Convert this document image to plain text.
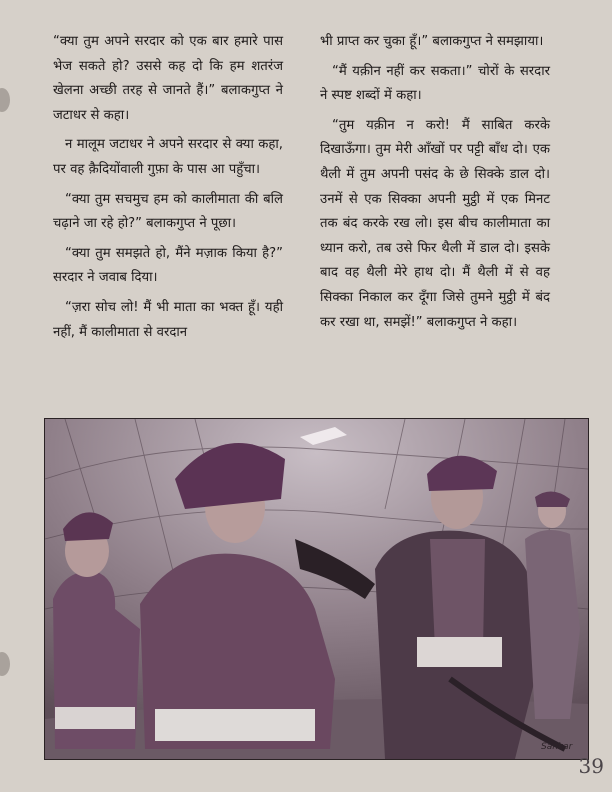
“क्या तुम अपने सरदार को एक बार हमारे पास भेज सकते हो? उससे कह दो कि हम शतरंज खेलना अच्छी तरह से जानते हैं।” बलाकगुप्त ने जटाधर से कहा।

न मालूम जटाधर ने अपने सरदार से क्या कहा, पर वह क़ैदियोंवाली गुफ़ा के पास आ पहुँचा।

“क्या तुम सचमुच हम को कालीमाता की बलि चढ़ाने जा रहे हो?” बलाकगुप्त ने पूछा।

“क्या तुम समझते हो, मैंने मज़ाक किया है?” सरदार ने जवाब दिया।

“ज़रा सोच लो! मैं भी माता का भक्त हूँ। यही नहीं, मैं कालीमाता से वरदान

भी प्राप्त कर चुका हूँ।” बलाकगुप्त ने समझाया।

“मैं यक़ीन नहीं कर सकता।” चोरों के सरदार ने स्पष्ट शब्दों में कहा।

“तुम यक़ीन न करो! मैं साबित करके दिखाऊँगा। तुम मेरी आँखों पर पट्टी बाँध दो। एक थैली में तुम अपनी पसंद के छे सिक्के डाल दो। उनमें से एक सिक्का अपनी मुट्ठी में एक मिनट तक बंद करके रख लो। इस बीच कालीमाता का ध्यान करो, तब उसे फिर थैली में डाल दो। इसके बाद वह थैली मेरे हाथ दो। मैं थैली में से वह सिक्का निकाल कर दूँगा जिसे तुमने मुट्ठी में बंद कर रखा था, समझें!” बलाकगुप्त ने कहा।

Sankar
39
